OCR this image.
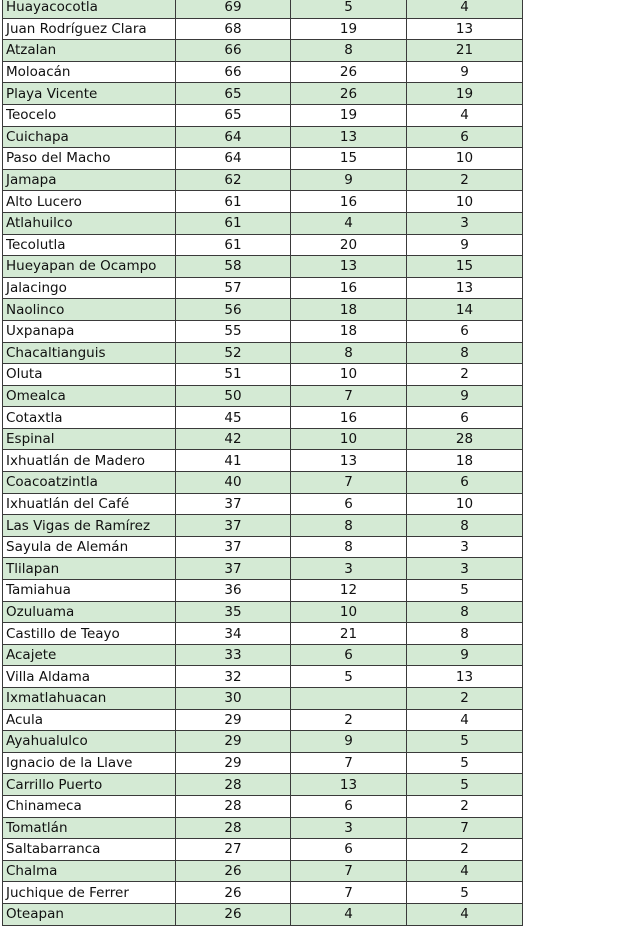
Huayacocotla	69	5	4
Juan Rodríguez Clara	68	19	13
Atzalan	66	8	21
Moloacán	66	26	9
Playa Vicente	65	26	19
Teocelo	65	19	4
Cuichapa	64	13	6
Paso del Macho	64	15	10
Jamapa	62	9	2
Alto Lucero	61	16	10
Atlahuilco	61	4	3
Tecolutla	61	20	9
Hueyapan de Ocampo	58	13	15
Jalacingo	57	16	13
Naolinco	56	18	14
Uxpanapa	55	18	6
Chacaltianguis	52	8	8
Oluta	51	10	2
Omealca	50	7	9
Cotaxtla	45	16	6
Espinal	42	10	28
Ixhuatlán de Madero	41	13	18
Coacoatzintla	40	7	6
Ixhuatlán del Café	37	6	10
Las Vigas de Ramírez	37	8	8
Sayula de Alemán	37	8	3
Tlilapan	37	3	3
Tamiahua	36	12	5
Ozuluama	35	10	8
Castillo de Teayo	34	21	8
Acajete	33	6	9
Villa Aldama	32	5	13
Ixmatlahuacan	30		2
Acula	29	2	4
Ayahualulco	29	9	5
Ignacio de la Llave	29	7	5
Carrillo Puerto	28	13	5
Chinameca	28	6	2
Tomatlán	28	3	7
Saltabarranca	27	6	2
Chalma	26	7	4
Juchique de Ferrer	26	7	5
Oteapan	26	4	4
